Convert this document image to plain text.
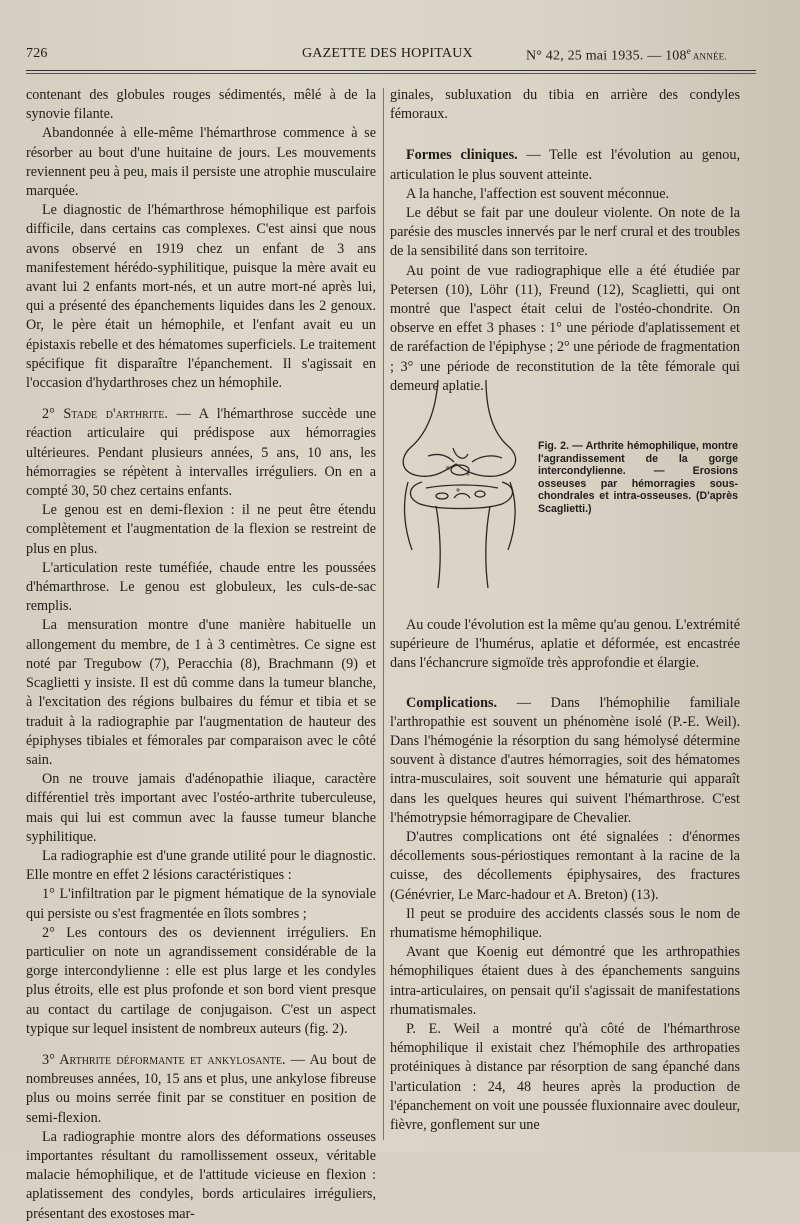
726	GAZETTE DES HOPITAUX	N° 42, 25 mai 1935. — 108e ANNÉE.

contenant des globules rouges sédimentés, mêlé à de la synovie filante.

Abandonnée à elle-même l'hémarthrose commence à se résorber au bout d'une huitaine de jours. Les mouvements reviennent peu à peu, mais il persiste une atrophie musculaire marquée.

Le diagnostic de l'hémarthrose hémophilique est parfois difficile, dans certains cas complexes. C'est ainsi que nous avons observé en 1919 chez un enfant de 3 ans manifestement hérédo-syphilitique, puisque la mère avait eu avant lui 2 enfants mort-nés, et un autre mort-né après lui, qui a présenté des épanchements liquides dans les 2 genoux. Or, le père était un hémophile, et l'enfant avait eu un épistaxis rebelle et des hématomes superficiels. Le traitement spécifique fit disparaître l'épanchement. Il s'agissait en l'occasion d'hydarthroses chez un hémophile.

2° Stade d'arthrite. — A l'hémarthrose succède une réaction articulaire qui prédispose aux hémorragies ultérieures. Pendant plusieurs années, 5 ans, 10 ans, les hémorragies se répètent à intervalles irréguliers. On en a compté 30, 50 chez certains enfants.

Le genou est en demi-flexion : il ne peut être étendu complètement et l'augmentation de la flexion se restreint de plus en plus.

L'articulation reste tuméfiée, chaude entre les poussées d'hémarthrose. Le genou est globuleux, les culs-de-sac remplis.

La mensuration montre d'une manière habituelle un allongement du membre, de 1 à 3 centimètres. Ce signe est noté par Tregubow (7), Peracchia (8), Brachmann (9) et Scaglietti y insiste. Il est dû comme dans la tumeur blanche, à l'excitation des régions bulbaires du fémur et tibia et se traduit à la radiographie par l'augmentation de hauteur des épiphyses tibiales et fémorales par comparaison avec le côté sain.

On ne trouve jamais d'adénopathie iliaque, caractère différentiel très important avec l'ostéo-arthrite tuberculeuse, mais qui lui est commun avec la fausse tumeur blanche syphilitique.

La radiographie est d'une grande utilité pour le diagnostic. Elle montre en effet 2 lésions caractéristiques :

1° L'infiltration par le pigment hématique de la synoviale qui persiste ou s'est fragmentée en îlots sombres ;

2° Les contours des os deviennent irréguliers. En particulier on note un agrandissement considérable de la gorge intercondylienne : elle est plus large et les condyles plus étroits, elle est plus profonde et son bord vient presque au contact du cartilage de conjugaison. C'est un aspect typique sur lequel insistent de nombreux auteurs (fig. 2).

3° Arthrite déformante et ankylosante. — Au bout de nombreuses années, 10, 15 ans et plus, une ankylose fibreuse plus ou moins serrée finit par se constituer en position de semi-flexion.

La radiographie montre alors des déformations osseuses importantes résultant du ramollissement osseux, véritable malacie hémophilique, et de l'attitude vicieuse en flexion : aplatissement des condyles, bords articulaires irréguliers, présentant des exostoses mar-

ginales, subluxation du tibia en arrière des condyles fémoraux.

Formes cliniques. — Telle est l'évolution au genou, articulation le plus souvent atteinte.

A la hanche, l'affection est souvent méconnue.

Le début se fait par une douleur violente. On note de la parésie des muscles innervés par le nerf crural et des troubles de la sensibilité dans son territoire.

Au point de vue radiographique elle a été étudiée par Petersen (10), Löhr (11), Freund (12), Scaglietti, qui ont montré que l'aspect était celui de l'ostéo-chondrite. On observe en effet 3 phases : 1° une période d'aplatissement et de raréfaction de l'épiphyse ; 2° une période de fragmentation ; 3° une période de reconstitution de la tête fémorale qui demeure aplatie.

Fig. 2. — Arthrite hémophilique, montre l'agrandissement de la gorge intercondylienne. — Erosions osseuses par hémorragies sous-chondrales et intra-osseuses. (D'après Scaglietti.)

Au coude l'évolution est la même qu'au genou. L'extrémité supérieure de l'humérus, aplatie et déformée, est encastrée dans l'échancrure sigmoïde très approfondie et élargie.

Complications. — Dans l'hémophilie familiale l'arthropathie est souvent un phénomène isolé (P.-E. Weil). Dans l'hémogénie la résorption du sang hémolysé détermine souvent à distance d'autres hémorragies, soit des hématomes intra-musculaires, soit souvent une hématurie qui apparaît dans les quelques heures qui suivent l'hémarthrose. C'est l'hémotrypsie hémorragipare de Chevalier.

D'autres complications ont été signalées : d'énormes décollements sous-périostiques remontant à la racine de la cuisse, des décollements épiphysaires, des fractures (Génévrier, Le Marc-hadour et A. Breton) (13).

Il peut se produire des accidents classés sous le nom de rhumatisme hémophilique.

Avant que Koenig eut démontré que les arthropathies hémophiliques étaient dues à des épanchements sanguins intra-articulaires, on pensait qu'il s'agissait de manifestations rhumatismales.

P. E. Weil a montré qu'à côté de l'hémarthrose hémophilique il existait chez l'hémophile des arthropaties protéiniques à distance par résorption de sang épanché dans l'articulation : 24, 48 heures après la production de l'épanchement on voit une poussée fluxionnaire avec douleur, fièvre, gonflement sur une
